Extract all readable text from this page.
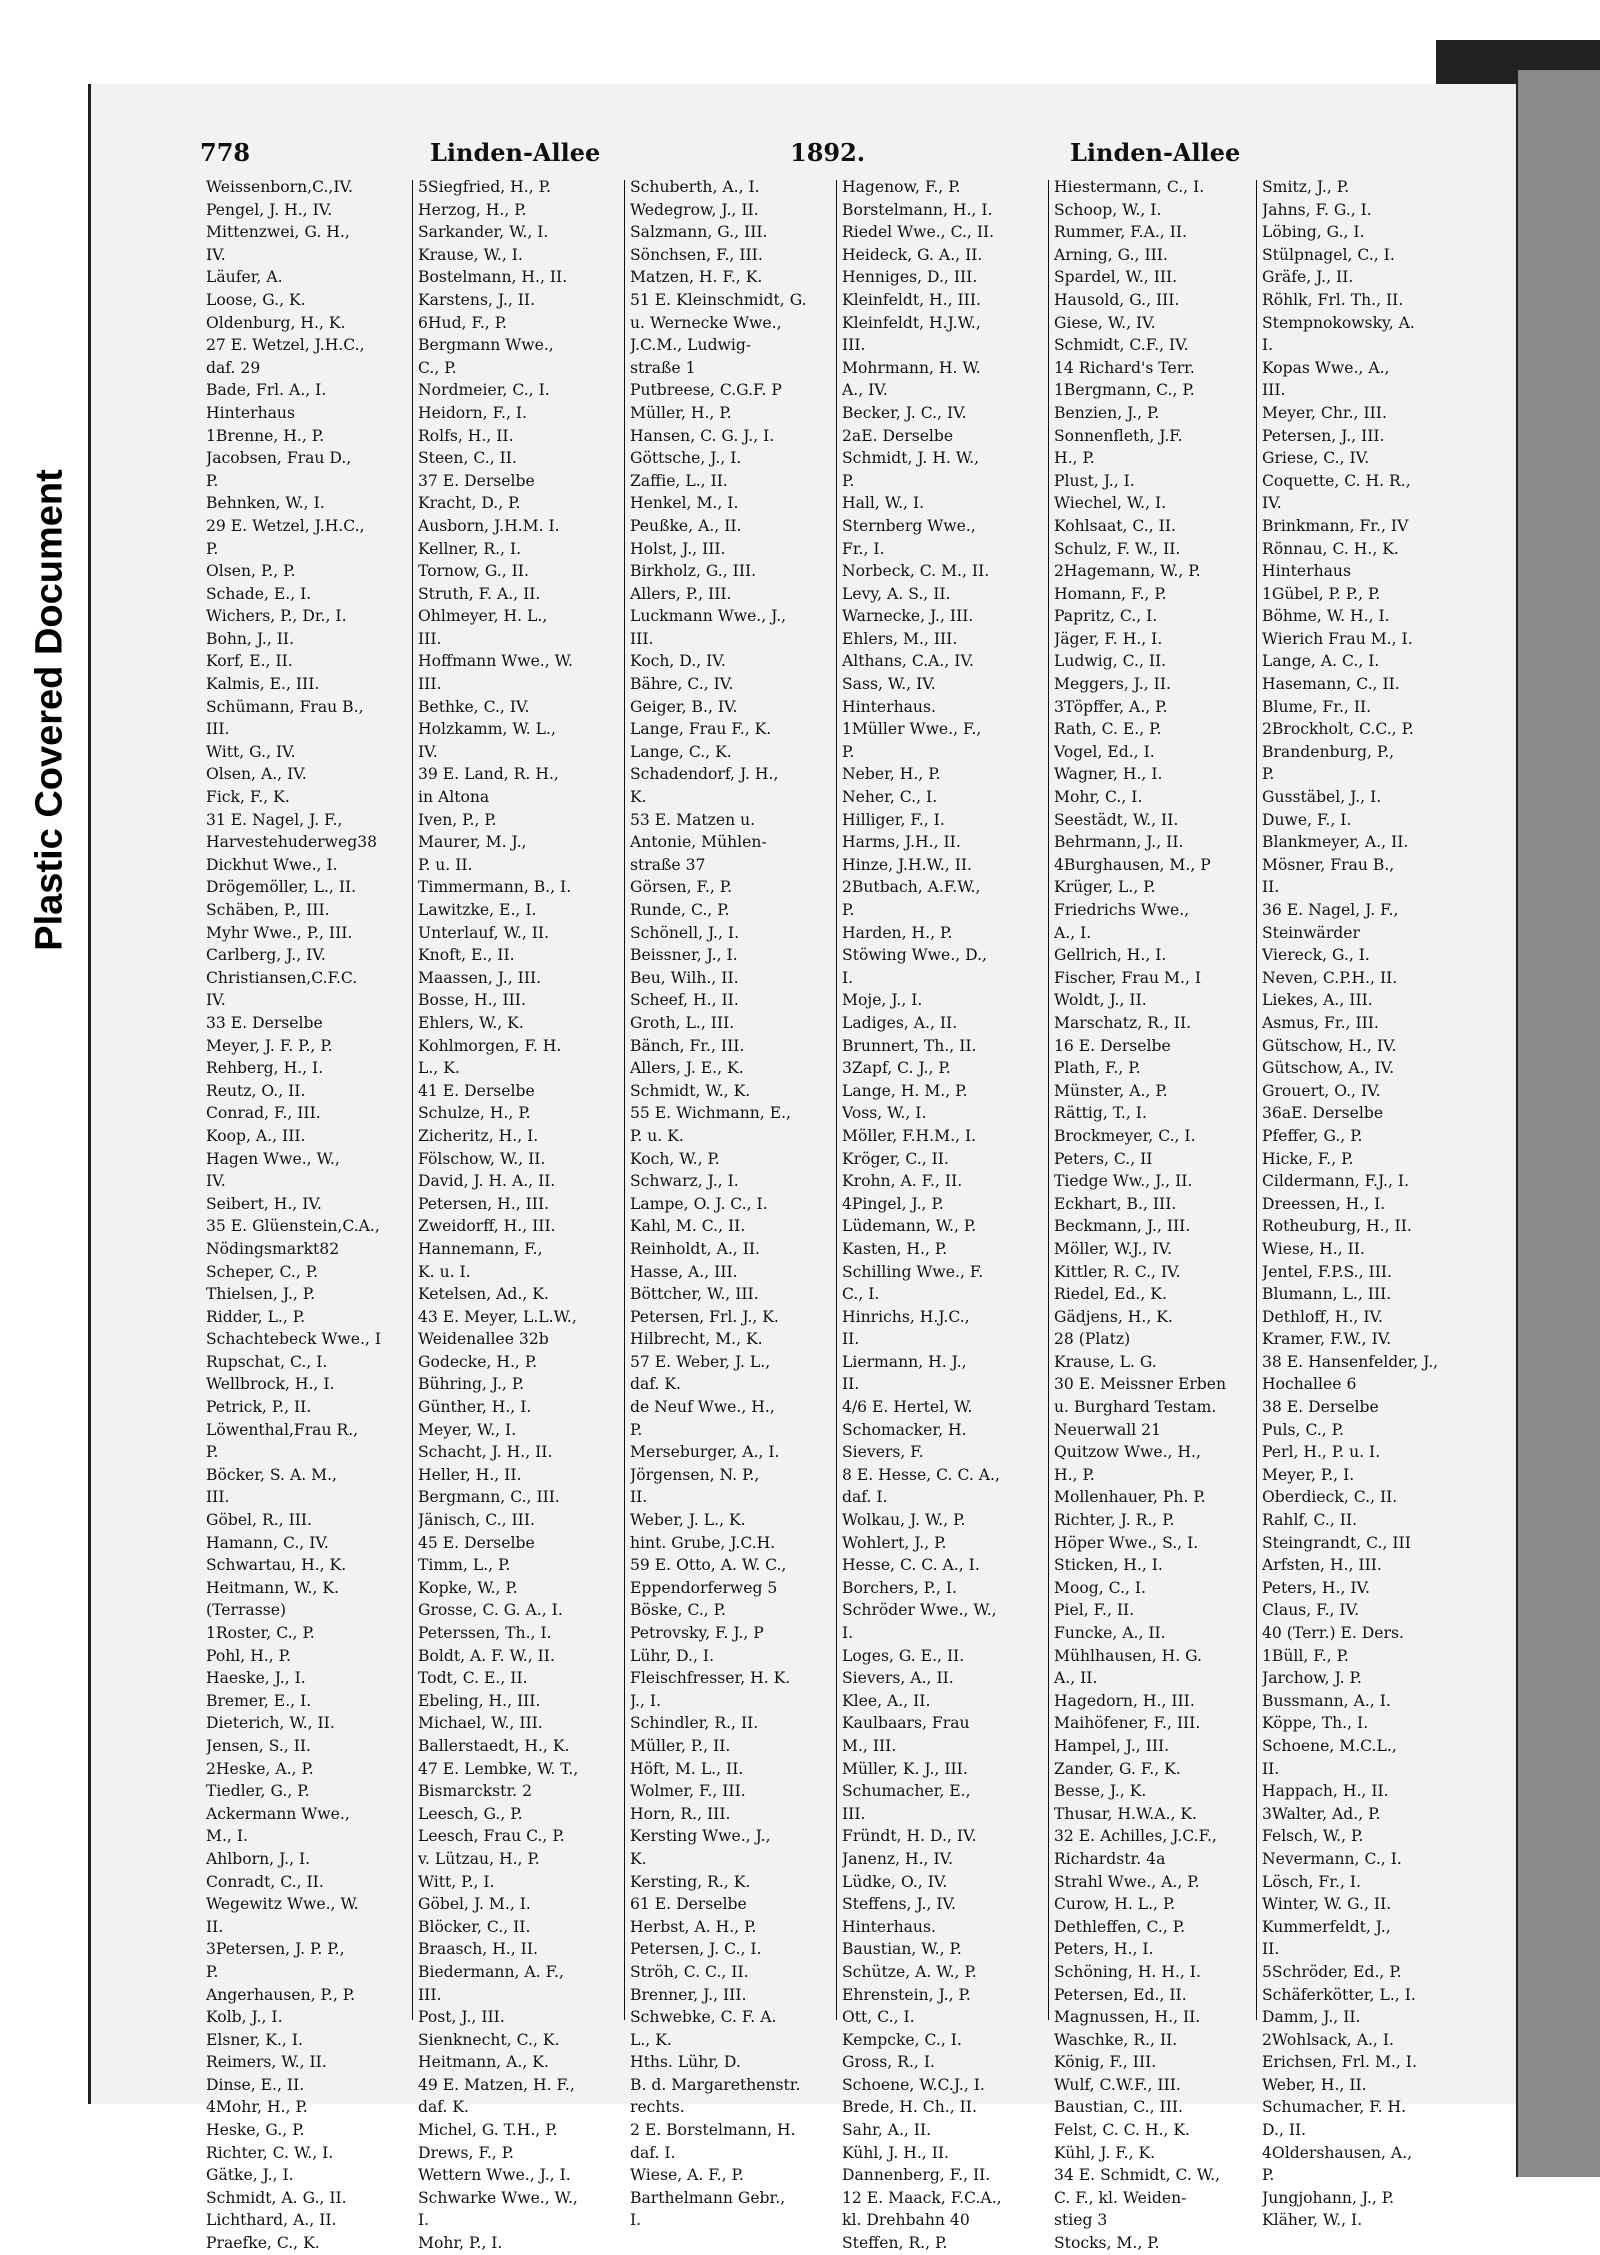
Plastic Covered Document
778	Linden-Allee	1892.	Linden-Allee
Weissenborn,C.,IV.
Pengel, J. H., IV.
Mittenzwei, G. H.,
IV.
Läufer, A.
Loose, G., K.
Oldenburg, H., K.
27 E. Wetzel, J.H.C.,
daf. 29
Bade, Frl. A., I.
Hinterhaus
1Brenne, H., P.
Jacobsen, Frau D.,
P.
Behnken, W., I.
29 E. Wetzel, J.H.C.,
P.
Olsen, P., P.
Schade, E., I.
Wichers, P., Dr., I.
Bohn, J., II.
Korf, E., II.
Kalmis, E., III.
Schümann, Frau B.,
III.
Witt, G., IV.
Olsen, A., IV.
Fick, F., K.
31 E. Nagel, J. F.,
Harvestehuderweg38
Dickhut Wwe., I.
Drögemöller, L., II.
Schäben, P., III.
Myhr Wwe., P., III.
Carlberg, J., IV.
Christiansen,C.F.C.
IV.
33 E. Derselbe
Meyer, J. F. P., P.
Rehberg, H., I.
Reutz, O., II.
Conrad, F., III.
Koop, A., III.
Hagen Wwe., W.,
IV.
Seibert, H., IV.
35 E. Glüenstein,C.A.,
Nödingsmarkt82
Scheper, C., P.
Thielsen, J., P.
Ridder, L., P.
Schachtebeck Wwe., I
Rupschat, C., I.
Wellbrock, H., I.
Petrick, P., II.
Löwenthal,Frau R.,
P.
Böcker, S. A. M.,
III.
Göbel, R., III.
Hamann, C., IV.
Schwartau, H., K.
Heitmann, W., K.
(Terrasse)
1Roster, C., P.
Pohl, H., P.
Haeske, J., I.
Bremer, E., I.
Dieterich, W., II.
Jensen, S., II.
2Heske, A., P.
Tiedler, G., P.
Ackermann Wwe.,
M., I.
Ahlborn, J., I.
Conradt, C., II.
Wegewitz Wwe., W.
II.
3Petersen, J. P. P.,
P.
Angerhausen, P., P.
Kolb, J., I.
Elsner, K., I.
Reimers, W., II.
Dinse, E., II.
4Mohr, H., P.
Heske, G., P.
Richter, C. W., I.
Gätke, J., I.
Schmidt, A. G., II.
Lichthard, A., II.
Praefke, C., K.
5Siegfried, H., P.
Herzog, H., P.
Sarkander, W., I.
Krause, W., I.
Bostelmann, H., II.
Karstens, J., II.
6Hud, F., P.
Bergmann Wwe.,
C., P.
Nordmeier, C., I.
Heidorn, F., I.
Rolfs, H., II.
Steen, C., II.
37 E. Derselbe
Kracht, D., P.
Ausborn, J.H.M. I.
Kellner, R., I.
Tornow, G., II.
Struth, F. A., II.
Ohlmeyer, H. L.,
III.
Hoffmann Wwe., W.
III.
Bethke, C., IV.
Holzkamm, W. L.,
IV.
39 E. Land, R. H.,
in Altona
Iven, P., P.
Maurer, M. J.,
P. u. II.
Timmermann, B., I.
Lawitzke, E., I.
Unterlauf, W., II.
Knoft, E., II.
Maassen, J., III.
Bosse, H., III.
Ehlers, W., K.
Kohlmorgen, F. H.
L., K.
41 E. Derselbe
Schulze, H., P.
Zicheritz, H., I.
Fölschow, W., II.
David, J. H. A., II.
Petersen, H., III.
Zweidorff, H., III.
Hannemann, F.,
K. u. I.
Ketelsen, Ad., K.
43 E. Meyer, L.L.W.,
Weidenallee 32b
Godecke, H., P.
Bühring, J., P.
Günther, H., I.
Meyer, W., I.
Schacht, J. H., II.
Heller, H., II.
Bergmann, C., III.
Jänisch, C., III.
45 E. Derselbe
Timm, L., P.
Kopke, W., P.
Grosse, C. G. A., I.
Peterssen, Th., I.
Boldt, A. F. W., II.
Todt, C. E., II.
Ebeling, H., III.
Michael, W., III.
Ballerstaedt, H., K.
47 E. Lembke, W. T.,
Bismarckstr. 2
Leesch, G., P.
Leesch, Frau C., P.
v. Lützau, H., P.
Witt, P., I.
Göbel, J. M., I.
Blöcker, C., II.
Braasch, H., II.
Biedermann, A. F.,
III.
Post, J., III.
Sienknecht, C., K.
Heitmann, A., K.
49 E. Matzen, H. F.,
daf. K.
Michel, G. T.H., P.
Drews, F., P.
Wettern Wwe., J., I.
Schwarke Wwe., W.,
I.
Mohr, P., I.
Schuberth, A., I.
Wedegrow, J., II.
Salzmann, G., III.
Sönchsen, F., III.
Matzen, H. F., K.
51 E. Kleinschmidt, G.
u. Wernecke Wwe.,
J.C.M., Ludwig-
straße 1
Putbreese, C.G.F. P
Müller, H., P.
Hansen, C. G. J., I.
Göttsche, J., I.
Zaffie, L., II.
Henkel, M., I.
Peußke, A., II.
Holst, J., III.
Birkholz, G., III.
Allers, P., III.
Luckmann Wwe., J.,
III.
Koch, D., IV.
Bähre, C., IV.
Geiger, B., IV.
Lange, Frau F., K.
Lange, C., K.
Schadendorf, J. H.,
K.
53 E. Matzen u.
Antonie, Mühlen-
straße 37
Görsen, F., P.
Runde, C., P.
Schönell, J., I.
Beissner, J., I.
Beu, Wilh., II.
Scheef, H., II.
Groth, L., III.
Bänch, Fr., III.
Allers, J. E., K.
Schmidt, W., K.
55 E. Wichmann, E.,
P. u. K.
Koch, W., P.
Schwarz, J., I.
Lampe, O. J. C., I.
Kahl, M. C., II.
Reinholdt, A., II.
Hasse, A., III.
Böttcher, W., III.
Petersen, Frl. J., K.
Hilbrecht, M., K.
57 E. Weber, J. L.,
daf. K.
de Neuf Wwe., H.,
P.
Merseburger, A., I.
Jörgensen, N. P.,
II.
Weber, J. L., K.
hint. Grube, J.C.H.
59 E. Otto, A. W. C.,
Eppendorferweg 5
Böske, C., P.
Petrovsky, F. J., P
Lühr, D., I.
Fleischfresser, H. K.
J., I.
Schindler, R., II.
Müller, P., II.
Höft, M. L., II.
Wolmer, F., III.
Horn, R., III.
Kersting Wwe., J.,
K.
Kersting, R., K.
61 E. Derselbe
Herbst, A. H., P.
Petersen, J. C., I.
Ströh, C. C., II.
Brenner, J., III.
Schwebke, C. F. A.
L., K.
Hths. Lühr, D.
B. d. Margarethenstr.
rechts.
2 E. Borstelmann, H.
daf. I.
Wiese, A. F., P.
Barthelmann Gebr.,
I.
Hagenow, F., P.
Borstelmann, H., I.
Riedel Wwe., C., II.
Heideck, G. A., II.
Henniges, D., III.
Kleinfeldt, H., III.
Kleinfeldt, H.J.W.,
III.
Mohrmann, H. W.
A., IV.
Becker, J. C., IV.
2aE. Derselbe
Schmidt, J. H. W.,
P.
Hall, W., I.
Sternberg Wwe.,
Fr., I.
Norbeck, C. M., II.
Levy, A. S., II.
Warnecke, J., III.
Ehlers, M., III.
Althans, C.A., IV.
Sass, W., IV.
Hinterhaus.
1Müller Wwe., F.,
P.
Neber, H., P.
Neher, C., I.
Hilliger, F., I.
Harms, J.H., II.
Hinze, J.H.W., II.
2Butbach, A.F.W.,
P.
Harden, H., P.
Stöwing Wwe., D.,
I.
Moje, J., I.
Ladiges, A., II.
Brunnert, Th., II.
3Zapf, C. J., P.
Lange, H. M., P.
Voss, W., I.
Möller, F.H.M., I.
Kröger, C., II.
Krohn, A. F., II.
4Pingel, J., P.
Lüdemann, W., P.
Kasten, H., P.
Schilling Wwe., F.
C., I.
Hinrichs, H.J.C.,
II.
Liermann, H. J.,
II.
4/6 E. Hertel, W.
Schomacker, H.
Sievers, F.
8 E. Hesse, C. C. A.,
daf. I.
Wolkau, J. W., P.
Wohlert, J., P.
Hesse, C. C. A., I.
Borchers, P., I.
Schröder Wwe., W.,
I.
Loges, G. E., II.
Sievers, A., II.
Klee, A., II.
Kaulbaars, Frau
M., III.
Müller, K. J., III.
Schumacher, E.,
III.
Fründt, H. D., IV.
Janenz, H., IV.
Lüdke, O., IV.
Steffens, J., IV.
Hinterhaus.
Baustian, W., P.
Schütze, A. W., P.
Ehrenstein, J., P.
Ott, C., I.
Kempcke, C., I.
Gross, R., I.
Schoene, W.C.J., I.
Brede, H. Ch., II.
Sahr, A., II.
Kühl, J. H., II.
Dannenberg, F., II.
12 E. Maack, F.C.A.,
kl. Drehbahn 40
Steffen, R., P.
Hiestermann, C., I.
Schoop, W., I.
Rummer, F.A., II.
Arning, G., III.
Spardel, W., III.
Hausold, G., III.
Giese, W., IV.
Schmidt, C.F., IV.
14 Richard's Terr.
1Bergmann, C., P.
Benzien, J., P.
Sonnenfleth, J.F.
H., P.
Plust, J., I.
Wiechel, W., I.
Kohlsaat, C., II.
Schulz, F. W., II.
2Hagemann, W., P.
Homann, F., P.
Papritz, C., I.
Jäger, F. H., I.
Ludwig, C., II.
Meggers, J., II.
3Töpffer, A., P.
Rath, C. E., P.
Vogel, Ed., I.
Wagner, H., I.
Mohr, C., I.
Seestädt, W., II.
Behrmann, J., II.
4Burghausen, M., P
Krüger, L., P.
Friedrichs Wwe.,
A., I.
Gellrich, H., I.
Fischer, Frau M., I
Woldt, J., II.
Marschatz, R., II.
16 E. Derselbe
Plath, F., P.
Münster, A., P.
Rättig, T., I.
Brockmeyer, C., I.
Peters, C., II
Tiedge Ww., J., II.
Eckhart, B., III.
Beckmann, J., III.
Möller, W.J., IV.
Kittler, R. C., IV.
Riedel, Ed., K.
Gädjens, H., K.
28 (Platz)
Krause, L. G.
30 E. Meissner Erben
u. Burghard Testam.
Neuerwall 21
Quitzow Wwe., H.,
H., P.
Mollenhauer, Ph. P.
Richter, J. R., P.
Höper Wwe., S., I.
Sticken, H., I.
Moog, C., I.
Piel, F., II.
Funcke, A., II.
Mühlhausen, H. G.
A., II.
Hagedorn, H., III.
Maihöfener, F., III.
Hampel, J., III.
Zander, G. F., K.
Besse, J., K.
Thusar, H.W.A., K.
32 E. Achilles, J.C.F.,
Richardstr. 4a
Strahl Wwe., A., P.
Curow, H. L., P.
Dethleffen, C., P.
Peters, H., I.
Schöning, H. H., I.
Petersen, Ed., II.
Magnussen, H., II.
Waschke, R., II.
König, F., III.
Wulf, C.W.F., III.
Baustian, C., III.
Felst, C. C. H., K.
Kühl, J. F., K.
34 E. Schmidt, C. W.,
C. F., kl. Weiden-
stieg 3
Stocks, M., P.
Smitz, J., P.
Jahns, F. G., I.
Löbing, G., I.
Stülpnagel, C., I.
Gräfe, J., II.
Röhlk, Frl. Th., II.
Stempnokowsky, A.
I.
Kopas Wwe., A.,
III.
Meyer, Chr., III.
Petersen, J., III.
Griese, C., IV.
Coquette, C. H. R.,
IV.
Brinkmann, Fr., IV
Rönnau, C. H., K.
Hinterhaus
1Gübel, P. P., P.
Böhme, W. H., I.
Wierich Frau M., I.
Lange, A. C., I.
Hasemann, C., II.
Blume, Fr., II.
2Brockholt, C.C., P.
Brandenburg, P.,
P.
Gusstäbel, J., I.
Duwe, F., I.
Blankmeyer, A., II.
Mösner, Frau B.,
II.
36 E. Nagel, J. F.,
Steinwärder
Viereck, G., I.
Neven, C.P.H., II.
Liekes, A., III.
Asmus, Fr., III.
Gütschow, H., IV.
Gütschow, A., IV.
Grouert, O., IV.
36aE. Derselbe
Pfeffer, G., P.
Hicke, F., P.
Cildermann, F.J., I.
Dreessen, H., I.
Rotheuburg, H., II.
Wiese, H., II.
Jentel, F.P.S., III.
Blumann, L., III.
Dethloff, H., IV.
Kramer, F.W., IV.
38 E. Hansenfelder, J.,
Hochallee 6
38 E. Derselbe
Puls, C., P.
Perl, H., P. u. I.
Meyer, P., I.
Oberdieck, C., II.
Rahlf, C., II.
Steingrandt, C., III
Arfsten, H., III.
Peters, H., IV.
Claus, F., IV.
40 (Terr.) E. Ders.
1Büll, F., P.
Jarchow, J. P.
Bussmann, A., I.
Köppe, Th., I.
Schoene, M.C.L.,
II.
Happach, H., II.
3Walter, Ad., P.
Felsch, W., P.
Nevermann, C., I.
Lösch, Fr., I.
Winter, W. G., II.
Kummerfeldt, J.,
II.
5Schröder, Ed., P.
Schäferkötter, L., I.
Damm, J., II.
2Wohlsack, A., I.
Erichsen, Frl. M., I.
Weber, H., II.
Schumacher, F. H.
D., II.
4Oldershausen, A.,
P.
Jungjohann, J., P.
Kläher, W., I.
